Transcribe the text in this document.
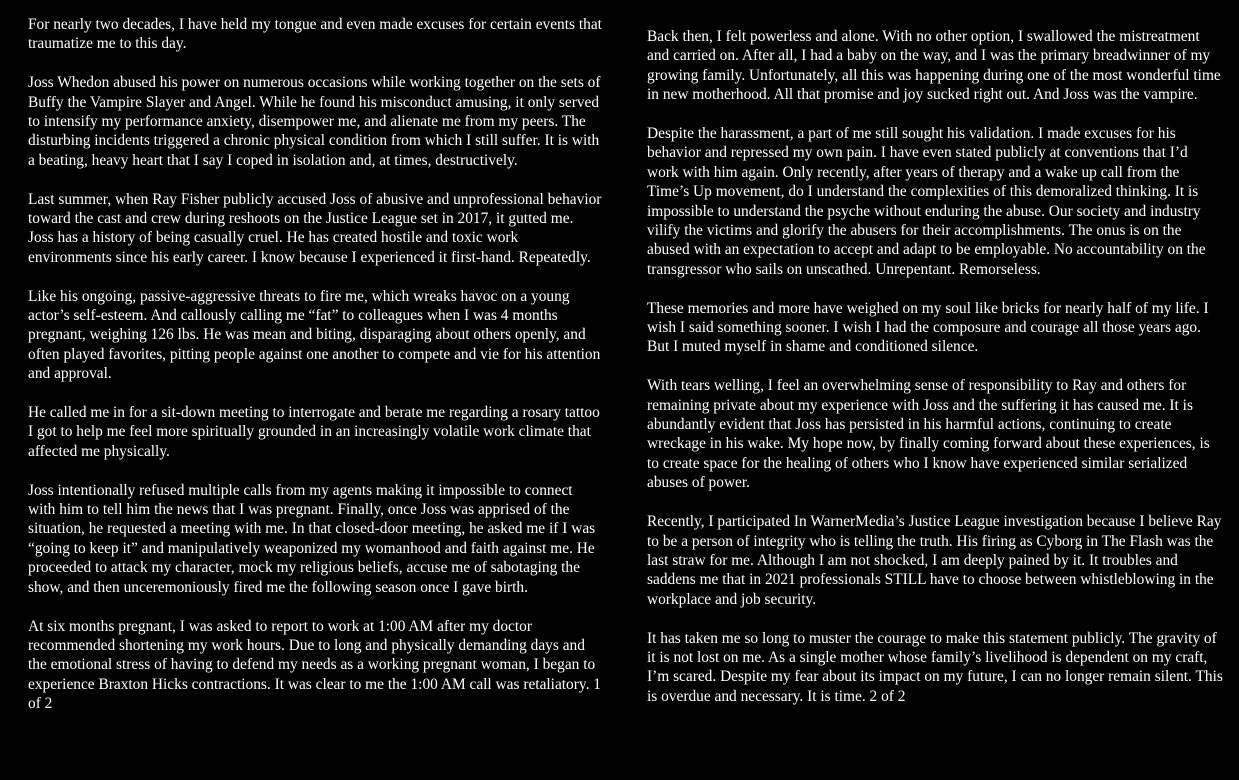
For nearly two decades, I have held my tongue and even made excuses for certain events that traumatize me to this day.

Joss Whedon abused his power on numerous occasions while working together on the sets of Buffy the Vampire Slayer and Angel. While he found his misconduct amusing, it only served to intensify my performance anxiety, disempower me, and alienate me from my peers. The disturbing incidents triggered a chronic physical condition from which I still suffer. It is with a beating, heavy heart that I say I coped in isolation and, at times, destructively.

Last summer, when Ray Fisher publicly accused Joss of abusive and unprofessional behavior toward the cast and crew during reshoots on the Justice League set in 2017, it gutted me. Joss has a history of being casually cruel. He has created hostile and toxic work environments since his early career. I know because I experienced it first-hand. Repeatedly.

Like his ongoing, passive-aggressive threats to fire me, which wreaks havoc on a young actor’s self-esteem. And callously calling me “fat” to colleagues when I was 4 months pregnant, weighing 126 lbs. He was mean and biting, disparaging about others openly, and often played favorites, pitting people against one another to compete and vie for his attention and approval.

He called me in for a sit-down meeting to interrogate and berate me regarding a rosary tattoo I got to help me feel more spiritually grounded in an increasingly volatile work climate that affected me physically.

Joss intentionally refused multiple calls from my agents making it impossible to connect with him to tell him the news that I was pregnant. Finally, once Joss was apprised of the situation, he requested a meeting with me. In that closed-door meeting, he asked me if I was “going to keep it” and manipulatively weaponized my womanhood and faith against me. He proceeded to attack my character, mock my religious beliefs, accuse me of sabotaging the show, and then unceremoniously fired me the following season once I gave birth.

At six months pregnant, I was asked to report to work at 1:00 AM after my doctor recommended shortening my work hours. Due to long and physically demanding days and the emotional stress of having to defend my needs as a working pregnant woman, I began to experience Braxton Hicks contractions. It was clear to me the 1:00 AM call was retaliatory. 1 of 2

Back then, I felt powerless and alone. With no other option, I swallowed the mistreatment and carried on. After all, I had a baby on the way, and I was the primary breadwinner of my growing family. Unfortunately, all this was happening during one of the most wonderful time in new motherhood. All that promise and joy sucked right out. And Joss was the vampire.

Despite the harassment, a part of me still sought his validation. I made excuses for his behavior and repressed my own pain. I have even stated publicly at conventions that I’d work with him again. Only recently, after years of therapy and a wake up call from the Time’s Up movement, do I understand the complexities of this demoralized thinking. It is impossible to understand the psyche without enduring the abuse. Our society and industry vilify the victims and glorify the abusers for their accomplishments. The onus is on the abused with an expectation to accept and adapt to be employable. No accountability on the transgressor who sails on unscathed. Unrepentant. Remorseless.

These memories and more have weighed on my soul like bricks for nearly half of my life. I wish I said something sooner. I wish I had the composure and courage all those years ago. But I muted myself in shame and conditioned silence.

With tears welling, I feel an overwhelming sense of responsibility to Ray and others for remaining private about my experience with Joss and the suffering it has caused me. It is abundantly evident that Joss has persisted in his harmful actions, continuing to create wreckage in his wake. My hope now, by finally coming forward about these experiences, is to create space for the healing of others who I know have experienced similar serialized abuses of power.

Recently, I participated In WarnerMedia’s Justice League investigation because I believe Ray to be a person of integrity who is telling the truth. His firing as Cyborg in The Flash was the last straw for me. Although I am not shocked, I am deeply pained by it. It troubles and saddens me that in 2021 professionals STILL have to choose between whistleblowing in the workplace and job security.

It has taken me so long to muster the courage to make this statement publicly. The gravity of it is not lost on me. As a single mother whose family’s livelihood is dependent on my craft, I’m scared. Despite my fear about its impact on my future, I can no longer remain silent. This is overdue and necessary. It is time. 2 of 2
